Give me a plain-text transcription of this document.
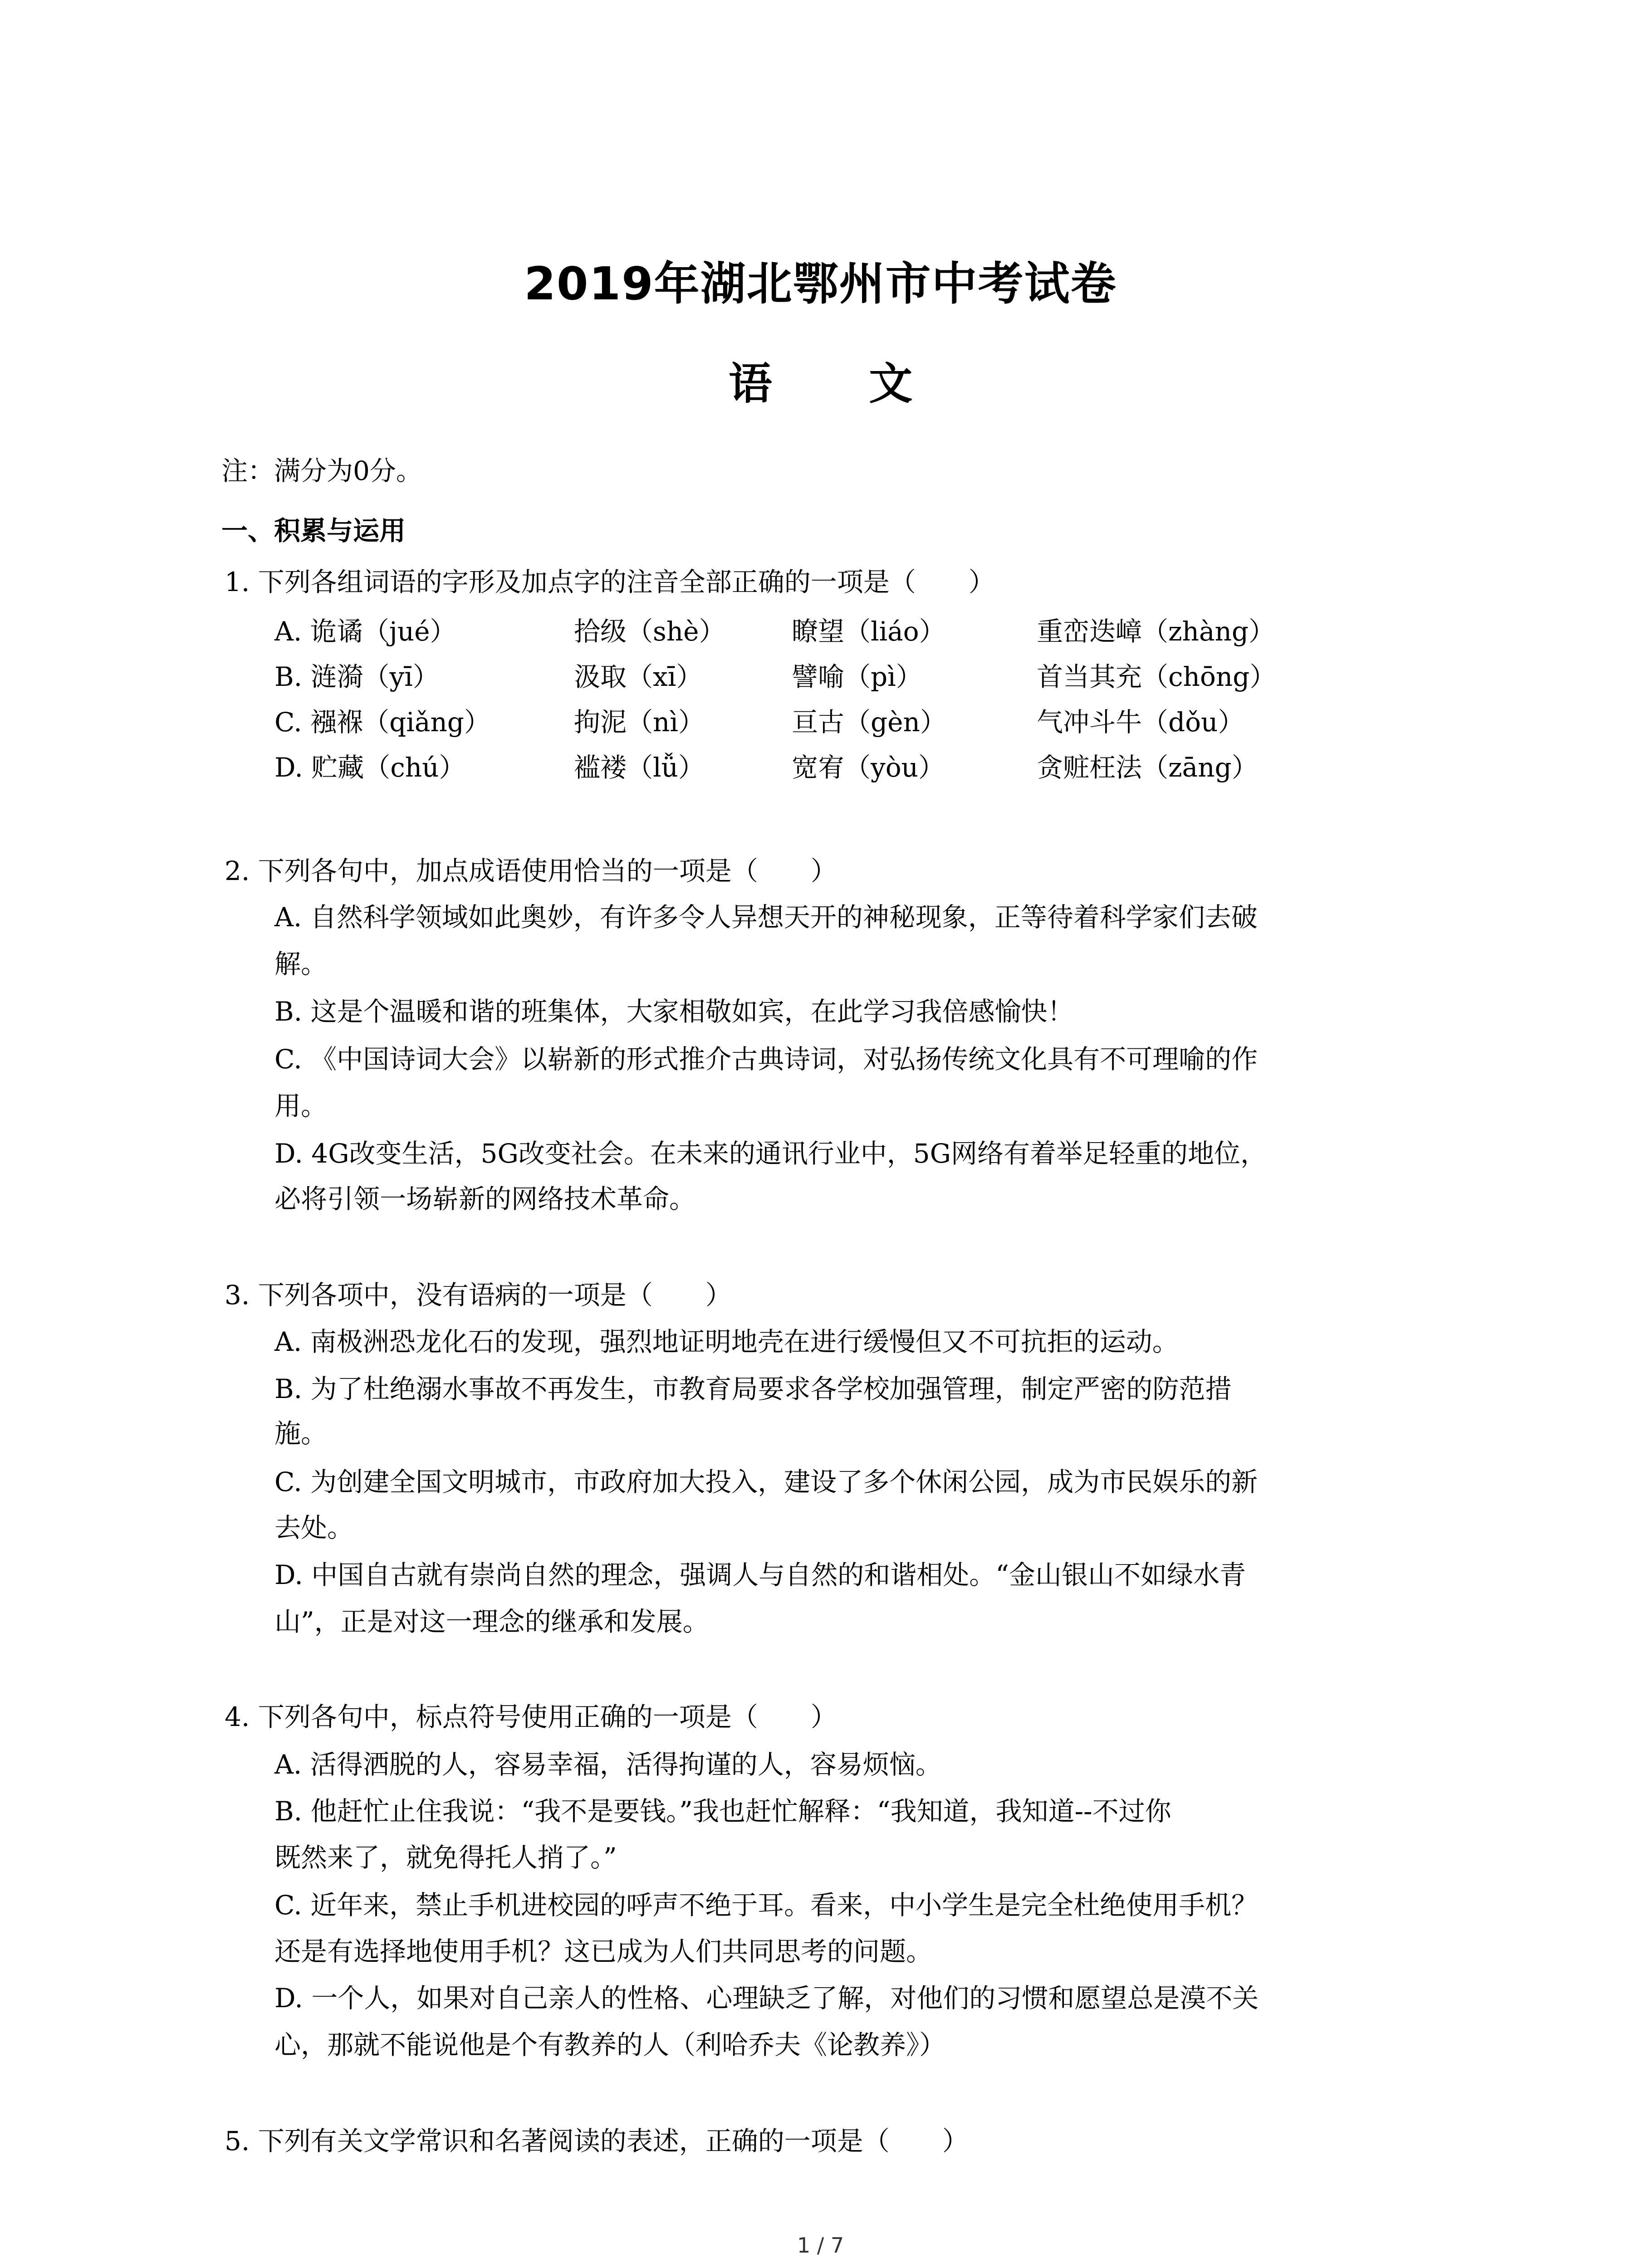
2019年湖北鄂州市中考试卷
语 文
注：满分为0分。
一、积累与运用
1. 下列各组词语的字形及加点字的注音全部正确的一项是（　　）
A. 诡谲（jué）	拾级（shè）	瞭望（liáo）	重峦迭嶂（zhàng）
B. 涟漪（yī）	汲取（xī）	譬喻（pì）	首当其充（chōng）
C. 襁褓（qiǎng）	拘泥（nì）	亘古（gèn）	气冲斗牛（dǒu）
D. 贮藏（chú）	褴褛（lǚ）	宽宥（yòu）	贪赃枉法（zāng）
2. 下列各句中，加点成语使用恰当的一项是（　　）
A. 自然科学领域如此奥妙，有许多令人异想天开的神秘现象，正等待着科学家们去破
解。
B. 这是个温暖和谐的班集体，大家相敬如宾，在此学习我倍感愉快！
C. 《中国诗词大会》以崭新的形式推介古典诗词，对弘扬传统文化具有不可理喻的作
用。
D. 4G改变生活，5G改变社会。在未来的通讯行业中，5G网络有着举足轻重的地位，
必将引领一场崭新的网络技术革命。
3. 下列各项中，没有语病的一项是（　　）
A. 南极洲恐龙化石的发现，强烈地证明地壳在进行缓慢但又不可抗拒的运动。
B. 为了杜绝溺水事故不再发生，市教育局要求各学校加强管理，制定严密的防范措
施。
C. 为创建全国文明城市，市政府加大投入，建设了多个休闲公园，成为市民娱乐的新
去处。
D. 中国自古就有崇尚自然的理念，强调人与自然的和谐相处。“金山银山不如绿水青
山”，正是对这一理念的继承和发展。
4. 下列各句中，标点符号使用正确的一项是（　　）
A. 活得洒脱的人，容易幸福，活得拘谨的人，容易烦恼。
B. 他赶忙止住我说：“我不是要钱。”我也赶忙解释：“我知道，我知道--不过你
既然来了，就免得托人捎了。”
C. 近年来，禁止手机进校园的呼声不绝于耳。看来，中小学生是完全杜绝使用手机？
还是有选择地使用手机？这已成为人们共同思考的问题。
D. 一个人，如果对自己亲人的性格、心理缺乏了解，对他们的习惯和愿望总是漠不关
心，那就不能说他是个有教养的人（利哈乔夫《论教养》）
5. 下列有关文学常识和名著阅读的表述，正确的一项是（　　）
1 / 7
